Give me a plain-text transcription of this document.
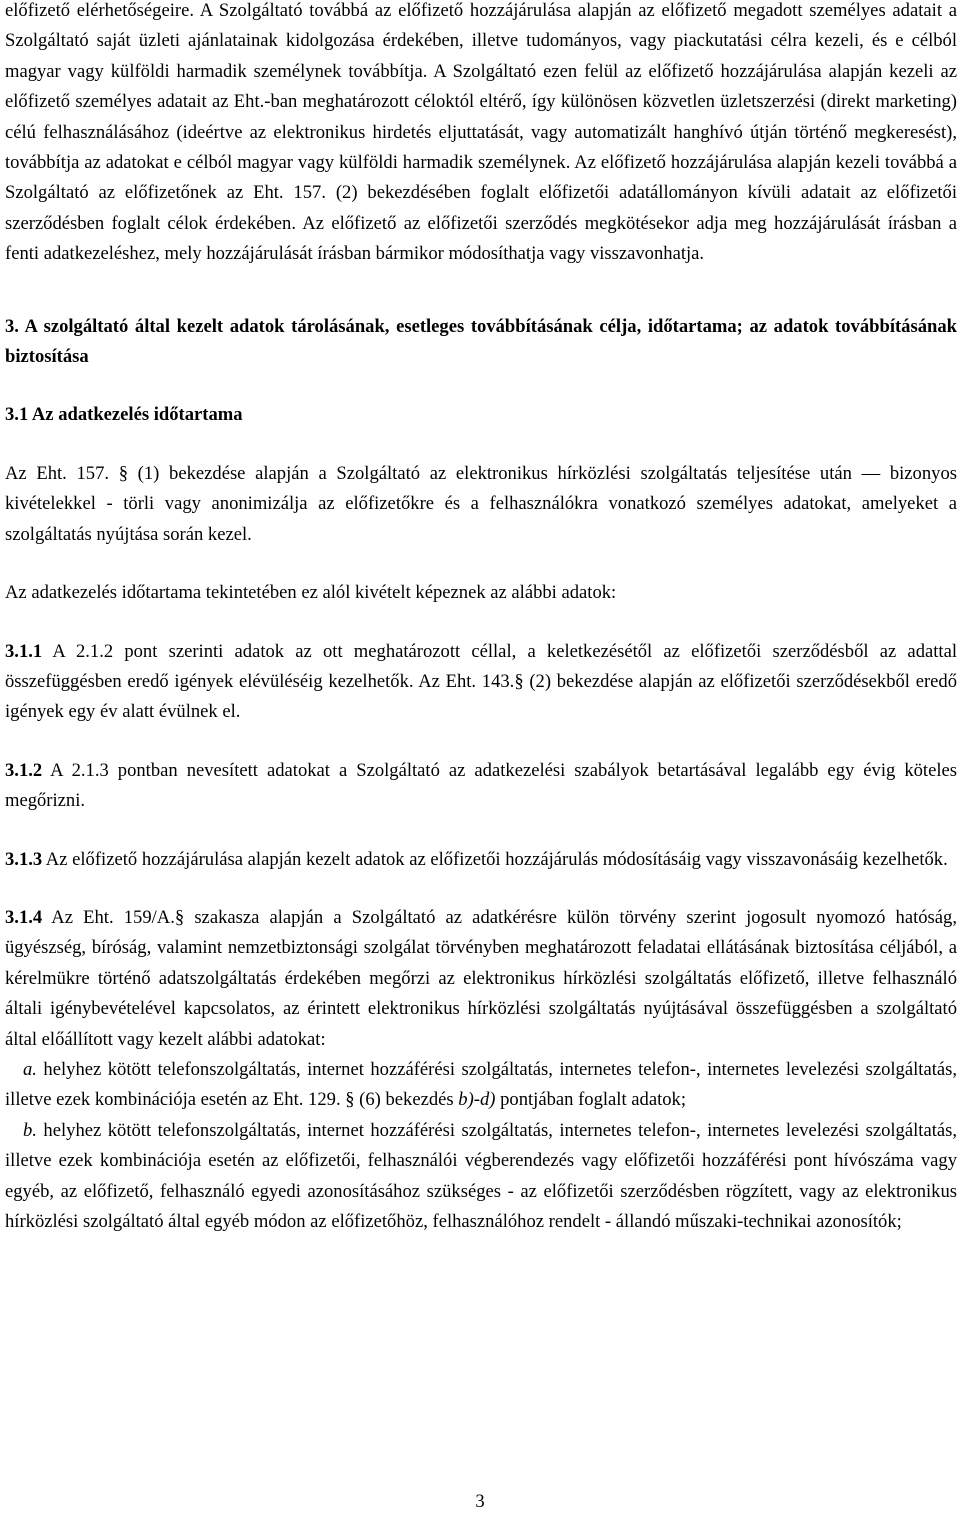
előfizető elérhetőségeire. A Szolgáltató továbbá az előfizető hozzájárulása alapján az előfizető megadott személyes adatait a Szolgáltató saját üzleti ajánlatainak kidolgozása érdekében, illetve tudományos, vagy piackutatási célra kezeli, és e célból magyar vagy külföldi harmadik személynek továbbítja. A Szolgáltató ezen felül az előfizető hozzájárulása alapján kezeli az előfizető személyes adatait az Eht.-ban meghatározott céloktól eltérő, így különösen közvetlen üzletszerzési (direkt marketing) célú felhasználásához (ideértve az elektronikus hirdetés eljuttatását, vagy automatizált hanghívó útján történő megkeresést), továbbítja az adatokat e célból magyar vagy külföldi harmadik személynek. Az előfizető hozzájárulása alapján kezeli továbbá a Szolgáltató az előfizetőnek az Eht. 157. (2) bekezdésében foglalt előfizetői adatállományon kívüli adatait az előfizetői szerződésben foglalt célok érdekében. Az előfizető az előfizetői szerződés megkötésekor adja meg hozzájárulását írásban a fenti adatkezeléshez, mely hozzájárulását írásban bármikor módosíthatja vagy visszavonhatja.

3. A szolgáltató által kezelt adatok tárolásának, esetleges továbbításának célja, időtartama; az adatok továbbításának biztosítása

3.1 Az adatkezelés időtartama

Az Eht. 157. § (1) bekezdése alapján a Szolgáltató az elektronikus hírközlési szolgáltatás teljesítése után — bizonyos kivételekkel - törli vagy anonimizálja az előfizetőkre és a felhasználókra vonatkozó személyes adatokat, amelyeket a szolgáltatás nyújtása során kezel.

Az adatkezelés időtartama tekintetében ez alól kivételt képeznek az alábbi adatok:

3.1.1 A 2.1.2 pont szerinti adatok az ott meghatározott céllal, a keletkezésétől az előfizetői szerződésből az adattal összefüggésben eredő igények elévüléséig kezelhetők. Az Eht. 143.§ (2) bekezdése alapján az előfizetői szerződésekből eredő igények egy év alatt évülnek el.

3.1.2 A 2.1.3 pontban nevesített adatokat a Szolgáltató az adatkezelési szabályok betartásával legalább egy évig köteles megőrizni.

3.1.3 Az előfizető hozzájárulása alapján kezelt adatok az előfizetői hozzájárulás módosításáig vagy visszavonásáig kezelhetők.

3.1.4 Az Eht. 159/A.§ szakasza alapján a Szolgáltató az adatkérésre külön törvény szerint jogosult nyomozó hatóság, ügyészség, bíróság, valamint nemzetbiztonsági szolgálat törvényben meghatározott feladatai ellátásának biztosítása céljából, a kérelmükre történő adatszolgáltatás érdekében megőrzi az elektronikus hírközlési szolgáltatás előfizető, illetve felhasználó általi igénybevételével kapcsolatos, az érintett elektronikus hírközlési szolgáltatás nyújtásával összefüggésben a szolgáltató által előállított vagy kezelt alábbi adatokat:

a. helyhez kötött telefonszolgáltatás, internet hozzáférési szolgáltatás, internetes telefon-, internetes levelezési szolgáltatás, illetve ezek kombinációja esetén az Eht. 129. § (6) bekezdés b)-d) pontjában foglalt adatok;

b. helyhez kötött telefonszolgáltatás, internet hozzáférési szolgáltatás, internetes telefon-, internetes levelezési szolgáltatás, illetve ezek kombinációja esetén az előfizetői, felhasználói végberendezés vagy előfizetői hozzáférési pont hívószáma vagy egyéb, az előfizető, felhasználó egyedi azonosításához szükséges - az előfizetői szerződésben rögzített, vagy az elektronikus hírközlési szolgáltató által egyéb módon az előfizetőhöz, felhasználóhoz rendelt - állandó műszaki-technikai azonosítók;

3
